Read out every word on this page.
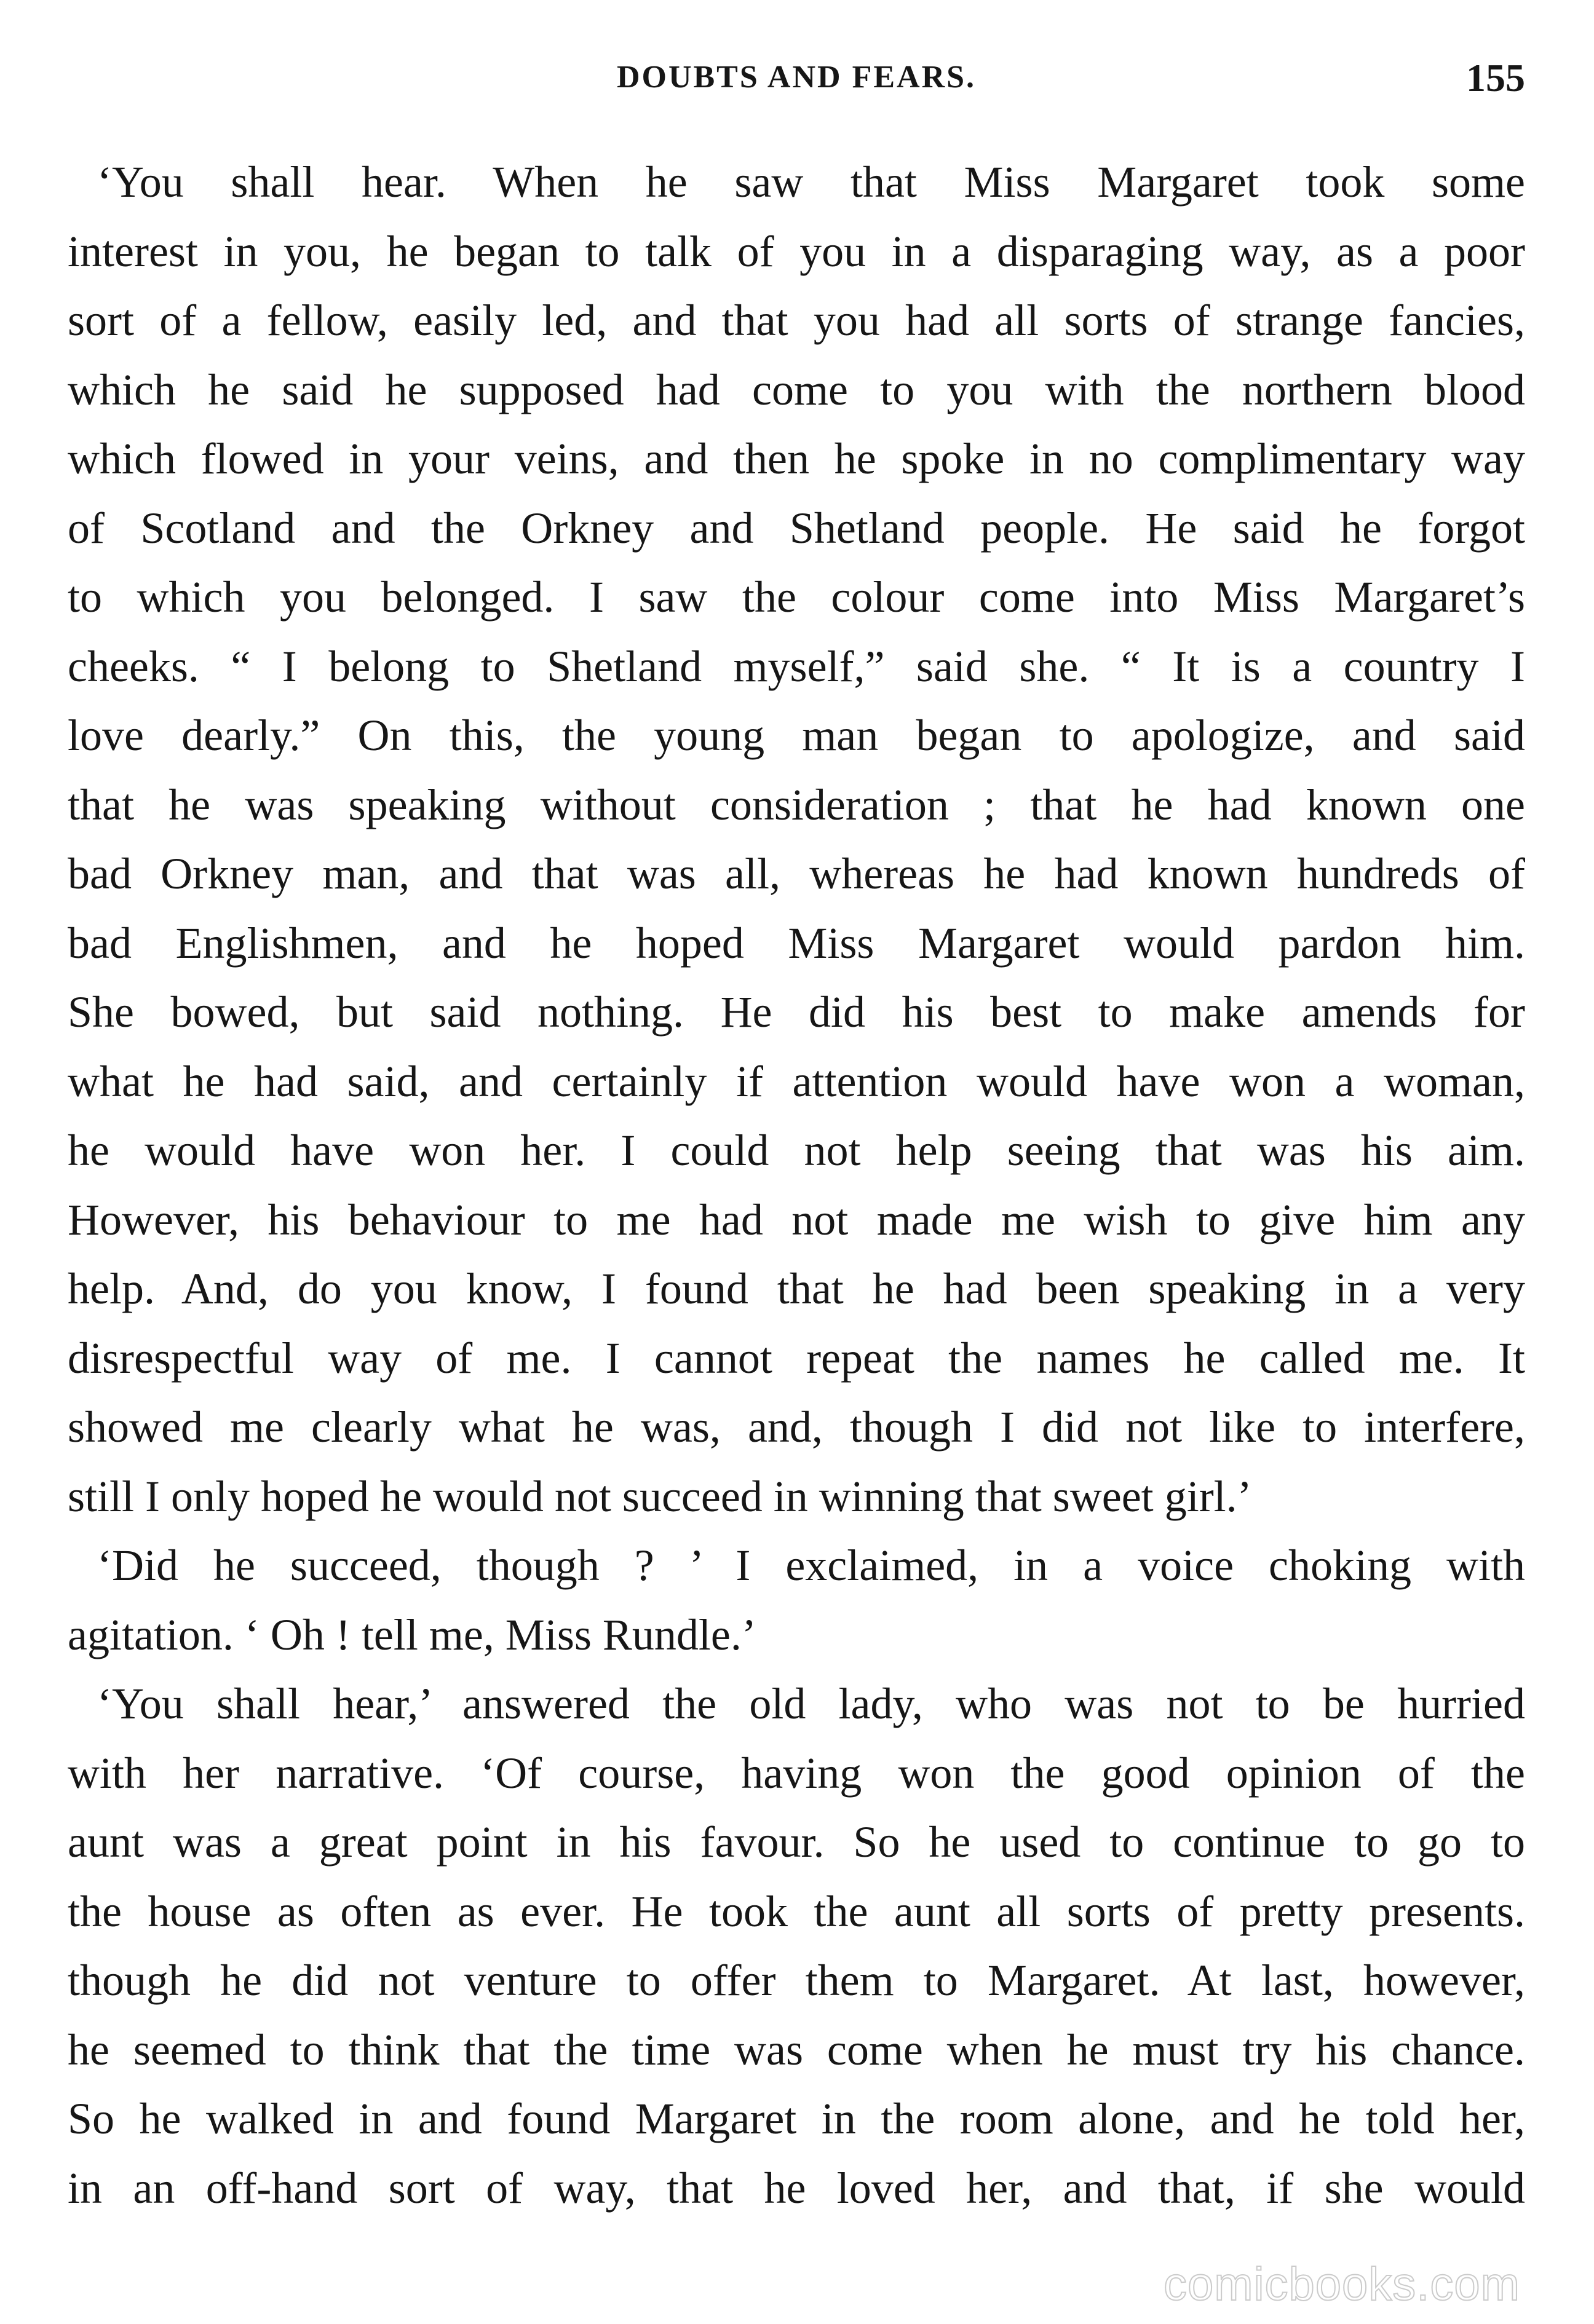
DOUBTS AND FEARS.	155
‘You shall hear. When he saw that Miss Margaret took some
interest in you, he began to talk of you in a disparaging way, as a poor
sort of a fellow, easily led, and that you had all sorts of strange fancies,
which he said he supposed had come to you with the northern blood
which flowed in your veins, and then he spoke in no complimentary way
of Scotland and the Orkney and Shetland people. He said he forgot
to which you belonged. I saw the colour come into Miss Margaret’s
cheeks. “ I belong to Shetland myself,” said she. “ It is a country I
love dearly.” On this, the young man began to apologize, and said
that he was speaking without consideration ; that he had known one
bad Orkney man, and that was all, whereas he had known hundreds of
bad Englishmen, and he hoped Miss Margaret would pardon him.
She bowed, but said nothing. He did his best to make amends for
what he had said, and certainly if attention would have won a woman,
he would have won her. I could not help seeing that was his aim.
However, his behaviour to me had not made me wish to give him any
help. And, do you know, I found that he had been speaking in a very
disrespectful way of me. I cannot repeat the names he called me. It
showed me clearly what he was, and, though I did not like to interfere,
still I only hoped he would not succeed in winning that sweet girl.’
‘Did he succeed, though ? ’ I exclaimed, in a voice choking with
agitation. ‘ Oh ! tell me, Miss Rundle.’
‘You shall hear,’ answered the old lady, who was not to be hurried
with her narrative. ‘Of course, having won the good opinion of the
aunt was a great point in his favour. So he used to continue to go to
the house as often as ever. He took the aunt all sorts of pretty presents.
though he did not venture to offer them to Margaret. At last, however,
he seemed to think that the time was come when he must try his chance.
So he walked in and found Margaret in the room alone, and he told her,
in an off-hand sort of way, that he loved her, and that, if she would
comicbooks.com
